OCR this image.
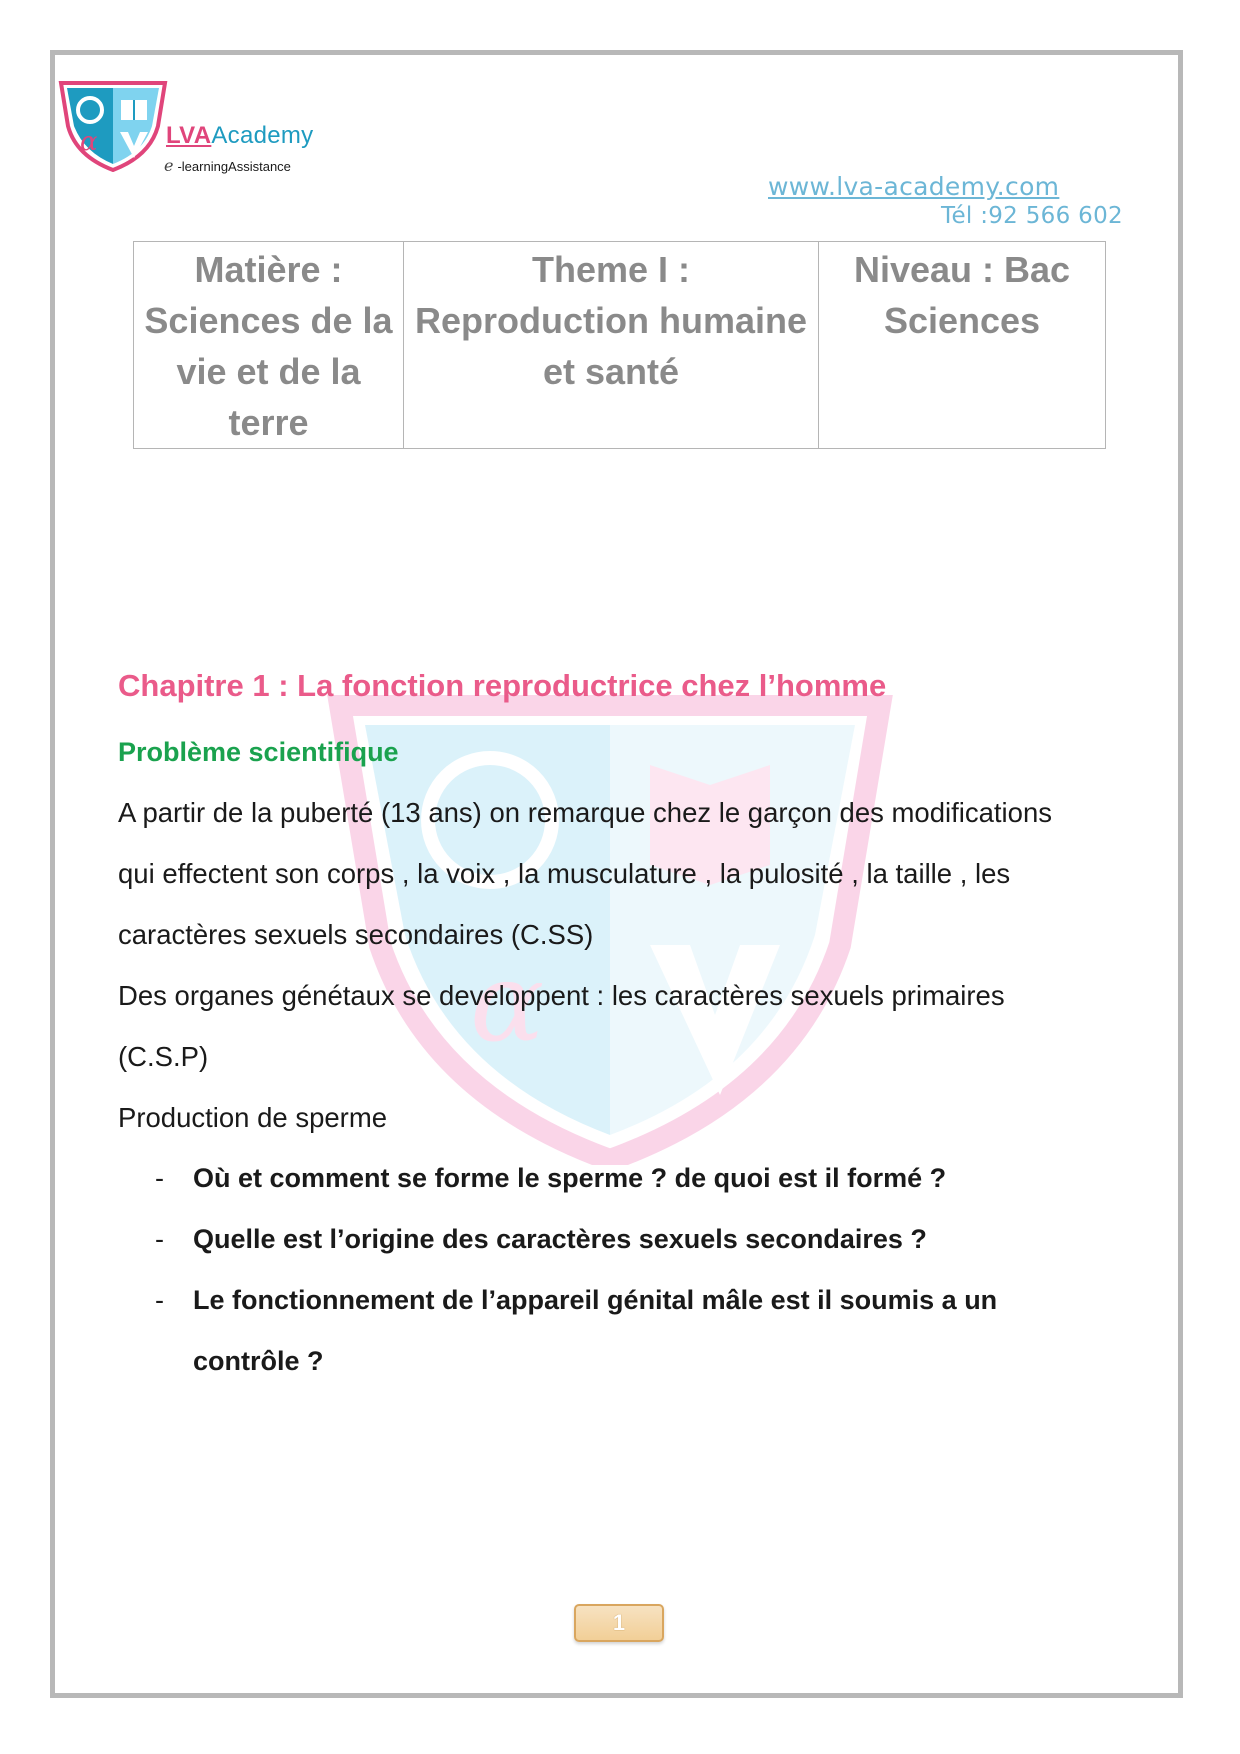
α
α	LVAAcademy
e -learningAssistance
www.lva-academy.com
Tél :92 566 602
Matière : Sciences de la vie et de la terre	Theme I : Reproduction humaine et santé	Niveau : Bac Sciences
Chapitre 1 : La fonction reproductrice chez l’homme
Problème scientifique
A partir de la puberté (13 ans) on remarque chez le garçon des modifications
qui effectent son corps , la voix , la musculature , la pulosité , la taille , les
caractères sexuels secondaires (C.SS)
Des organes génétaux se developpent : les caractères sexuels primaires
(C.S.P)
Production de sperme
- Où et comment se forme le sperme ? de quoi est il formé ?
- Quelle est l’origine des caractères sexuels secondaires ?
- Le fonctionnement de l’appareil génital mâle est il soumis a un
contrôle ?
1
